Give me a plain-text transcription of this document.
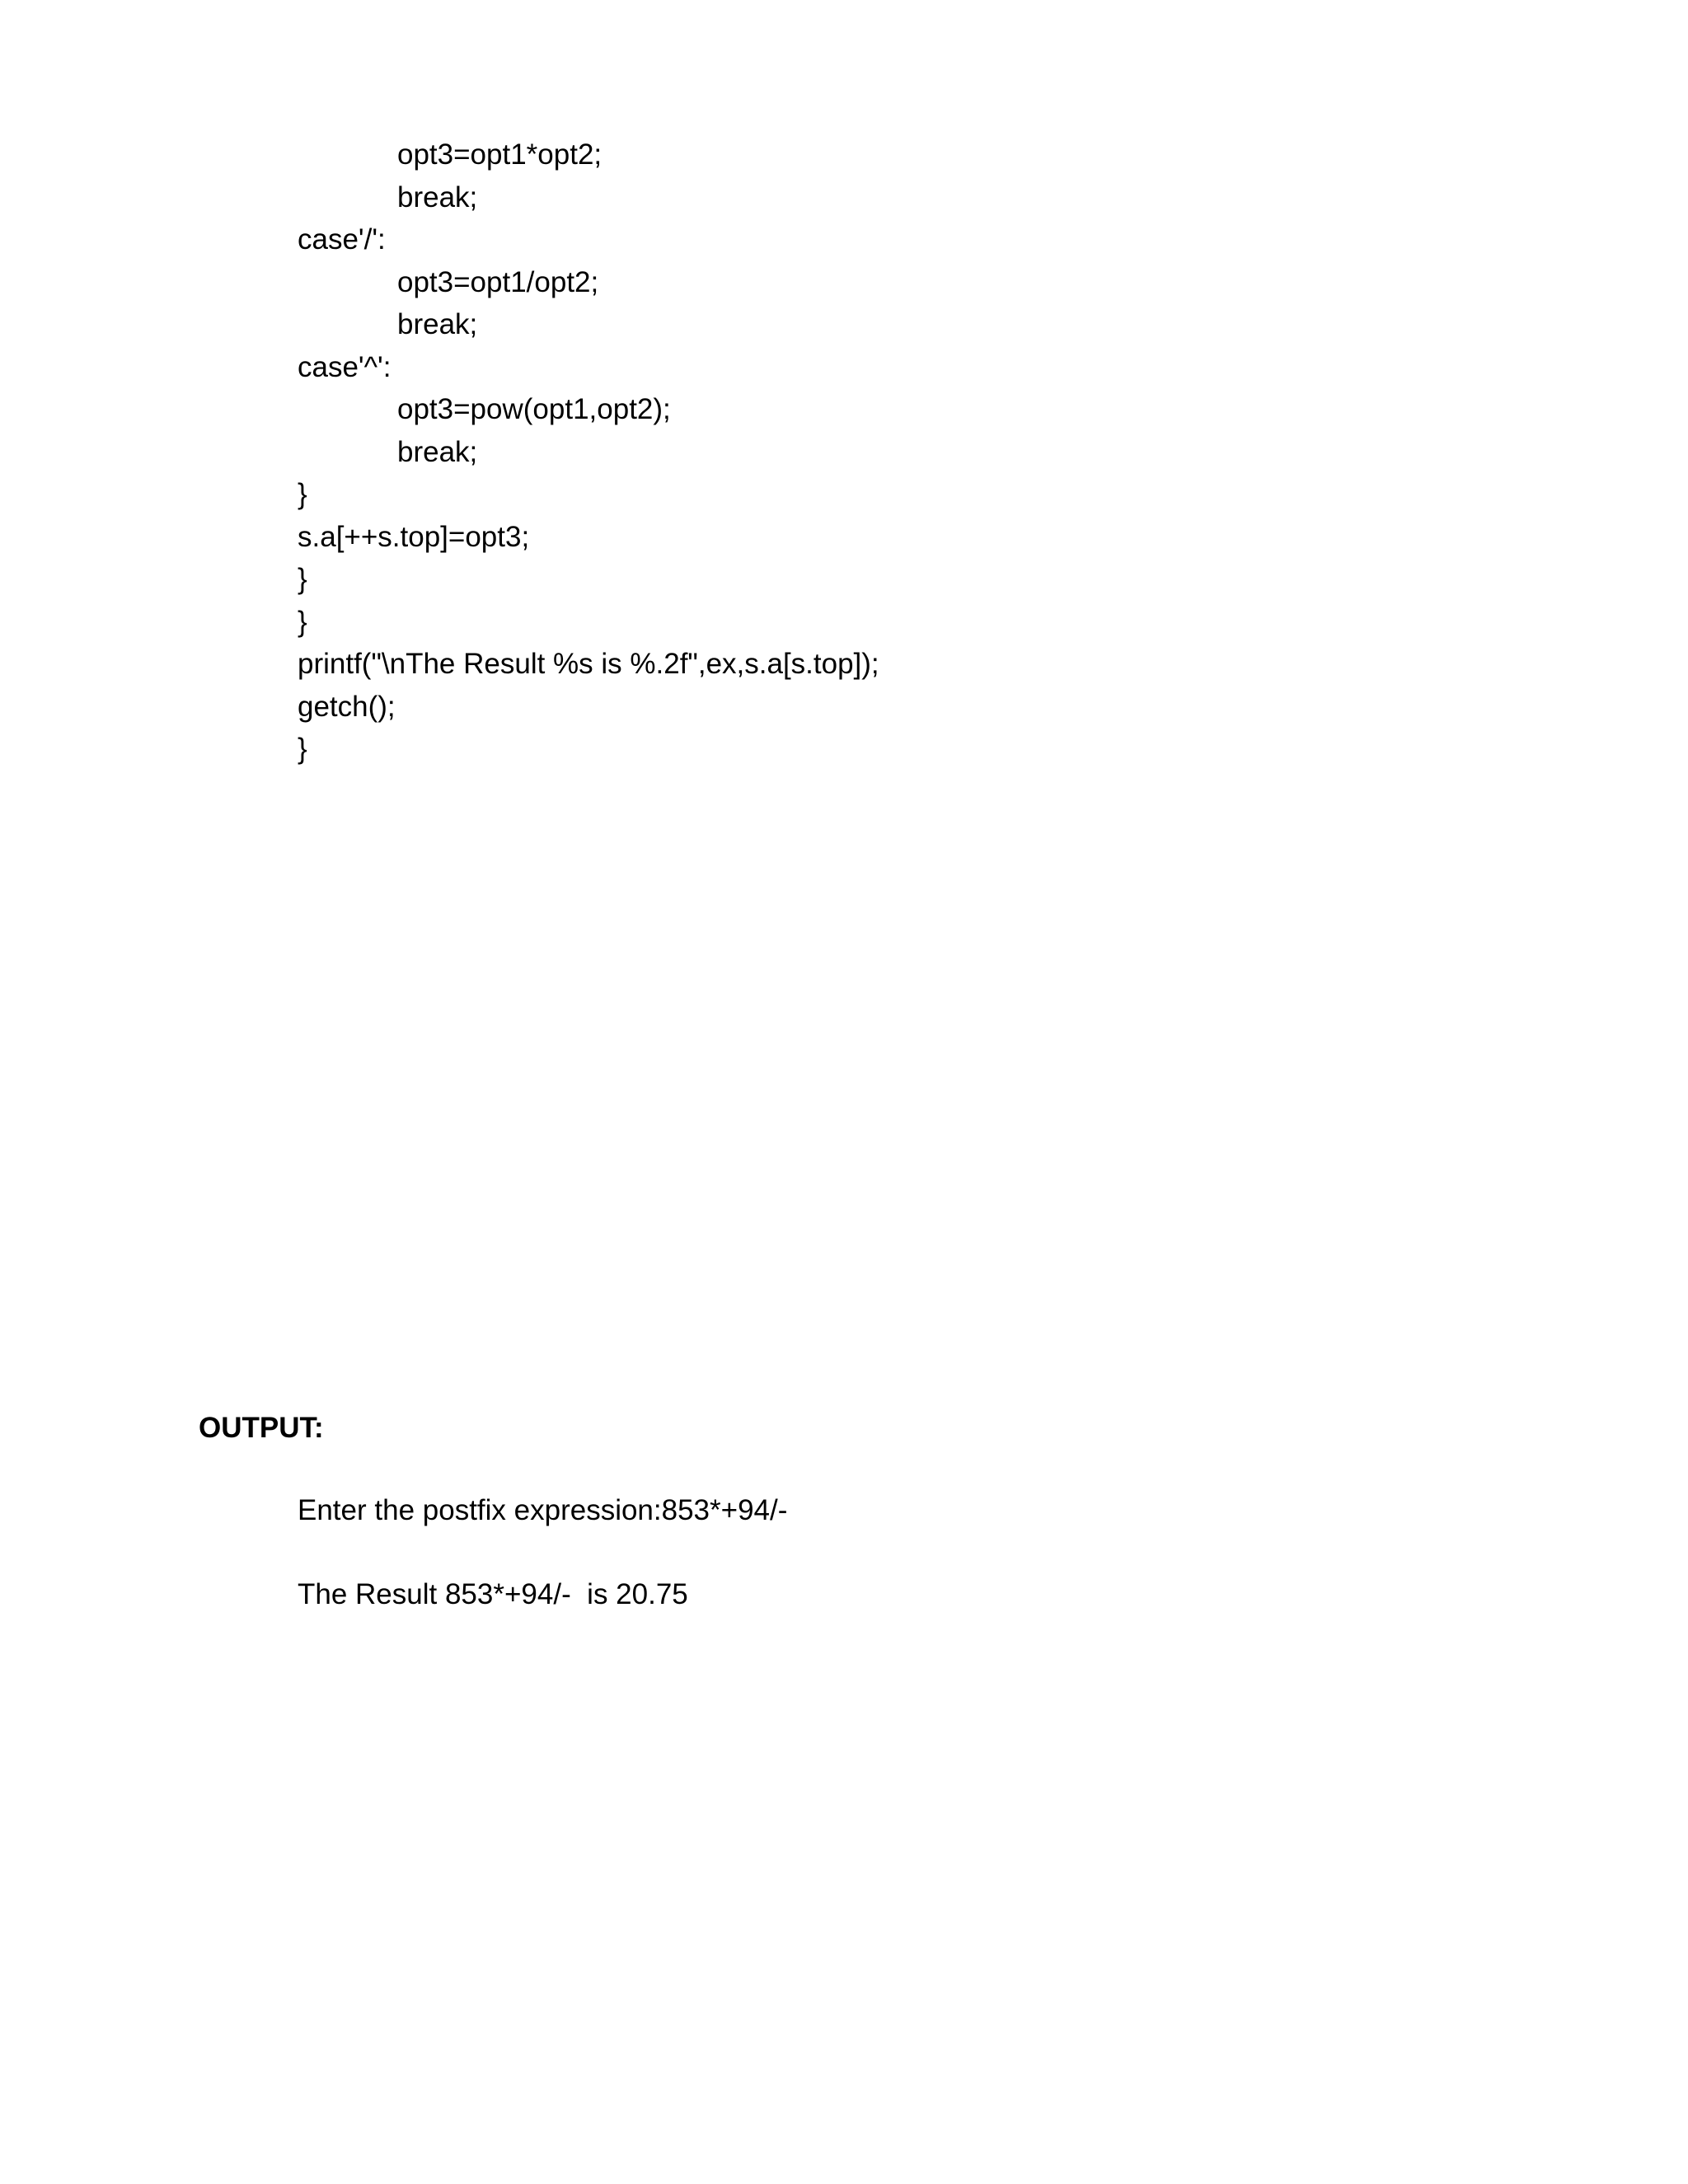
opt3=opt1*opt2;
break;
case'/':
opt3=opt1/opt2;
break;
case'^':
opt3=pow(opt1,opt2);
break;
}
s.a[++s.top]=opt3;
}
}
printf("\nThe Result %s is %.2f",ex,s.a[s.top]);
getch();
}
OUTPUT:
Enter the postfix expression:853*+94/-
The Result 853*+94/-  is 20.75
